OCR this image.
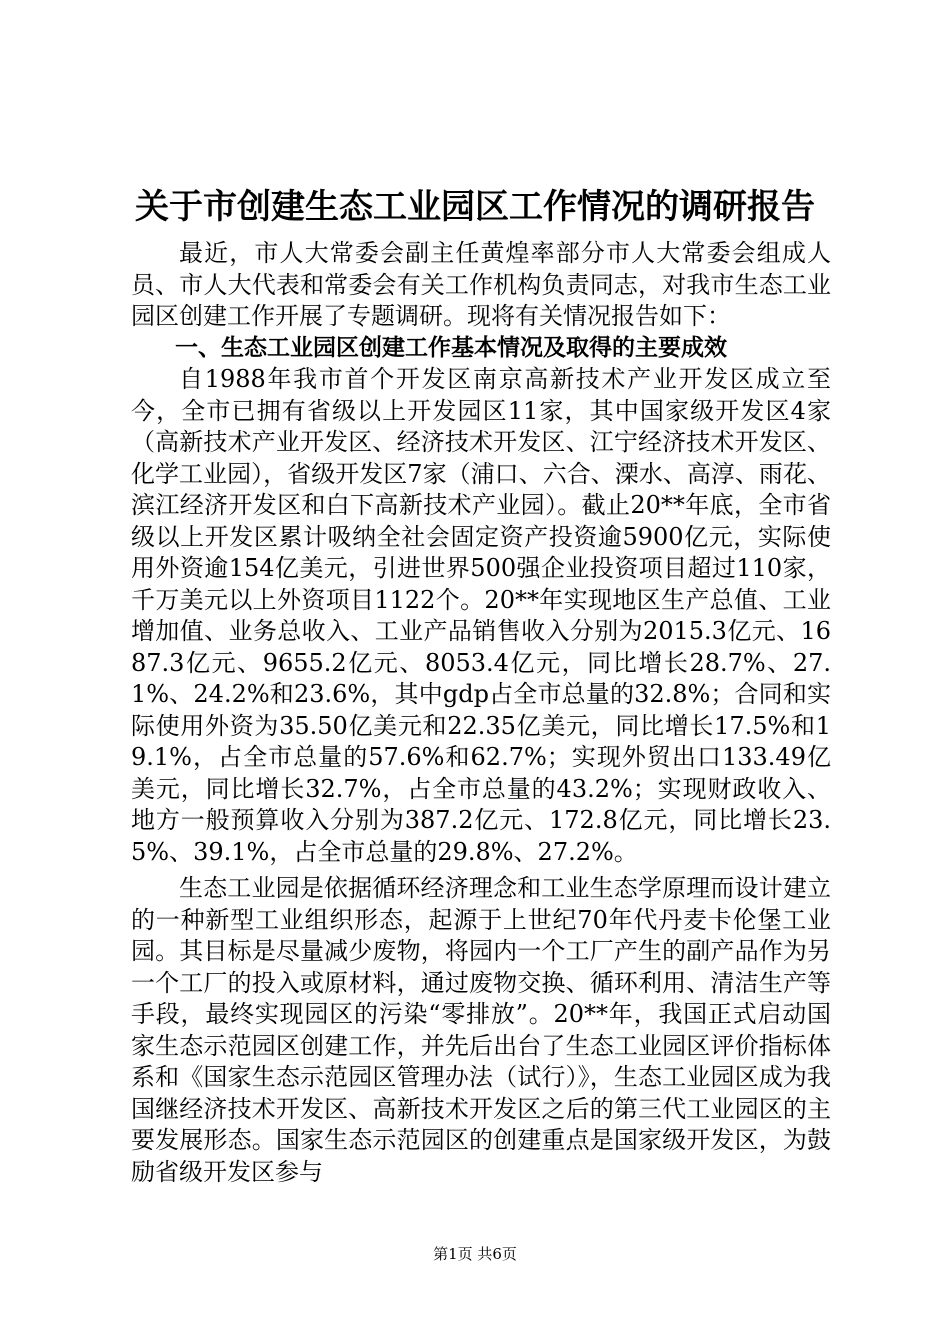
关于市创建生态工业园区工作情况的调研报告

最近，市人大常委会副主任黄煌率部分市人大常委会组成人员、市人大代表和常委会有关工作机构负责同志，对我市生态工业园区创建工作开展了专题调研。现将有关情况报告如下：

一、生态工业园区创建工作基本情况及取得的主要成效

自1988年我市首个开发区南京高新技术产业开发区成立至今，全市已拥有省级以上开发园区11家，其中国家级开发区4家（高新技术产业开发区、经济技术开发区、江宁经济技术开发区、化学工业园），省级开发区7家（浦口、六合、溧水、高淳、雨花、滨江经济开发区和白下高新技术产业园）。截止20**年底，全市省级以上开发区累计吸纳全社会固定资产投资逾5900亿元，实际使用外资逾154亿美元，引进世界500强企业投资项目超过110家，千万美元以上外资项目1122个。20**年实现地区生产总值、工业增加值、业务总收入、工业产品销售收入分别为2015.3亿元、1687.3亿元、9655.2亿元、8053.4亿元，同比增长28.7%、27.1%、24.2%和23.6%，其中gdp占全市总量的32.8%；合同和实际使用外资为35.50亿美元和22.35亿美元，同比增长17.5%和19.1%，占全市总量的57.6%和62.7%；实现外贸出口133.49亿美元，同比增长32.7%，占全市总量的43.2%；实现财政收入、地方一般预算收入分别为387.2亿元、172.8亿元，同比增长23.5%、39.1%，占全市总量的29.8%、27.2%。

生态工业园是依据循环经济理念和工业生态学原理而设计建立的一种新型工业组织形态，起源于上世纪70年代丹麦卡伦堡工业园。其目标是尽量减少废物，将园内一个工厂产生的副产品作为另一个工厂的投入或原材料，通过废物交换、循环利用、清洁生产等手段，最终实现园区的污染“零排放”。20**年，我国正式启动国家生态示范园区创建工作，并先后出台了生态工业园区评价指标体系和《国家生态示范园区管理办法（试行）》，生态工业园区成为我国继经济技术开发区、高新技术开发区之后的第三代工业园区的主要发展形态。国家生态示范园区的创建重点是国家级开发区，为鼓励省级开发区参与

第1页 共6页
